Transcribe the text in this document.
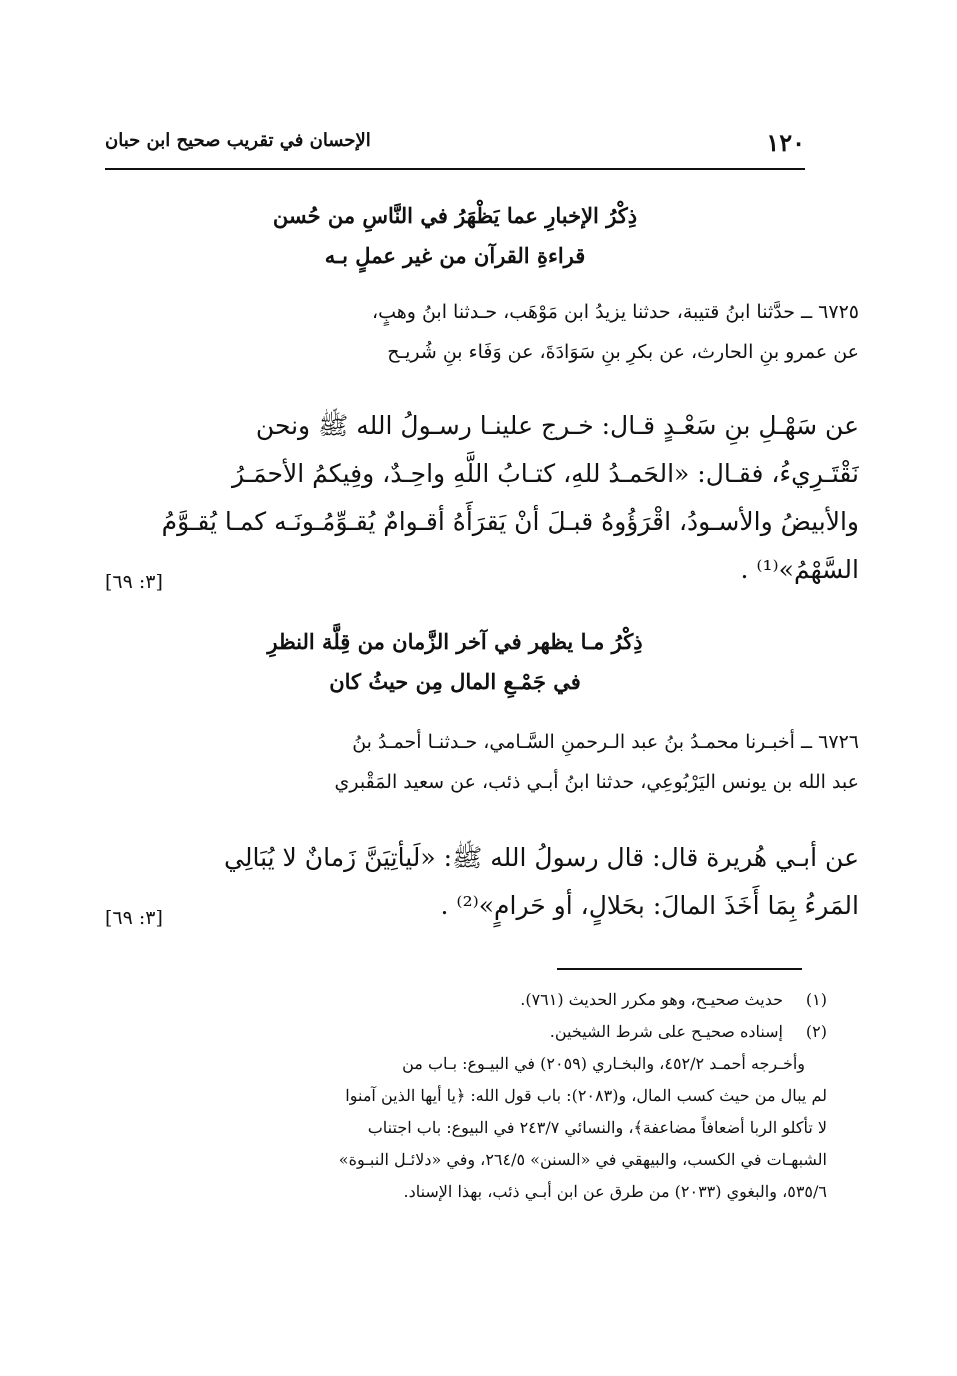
١٢٠
الإحسان في تقريب صحيح ابن حبان
ذِكْرُ الإخبارِ عما يَظْهَرُ في النَّاسِ من حُسن
قراءةِ القرآن من غير عملٍ بـه
٦٧٢٥ ــ حدَّثنا ابنُ قتيبة، حدثنا يزيدُ ابن مَوْهَب، حـدثنا ابنُ وهبٍ،
عن عمرو بنِ الحارث، عن بكرِ بنِ سَوَادَةَ، عن وَفَاء بنِ شُريـح
عن سَهْـلِ بنِ سَعْـدٍ قـال: خـرج علينـا رسـولُ الله ﷺ ونحن
نَقْتَـرِيءُ، فقـال: «الحَمـدُ للهِ، كتـابُ اللَّهِ واحِـدٌ، وفِيكمُ الأحمَـرُ
والأبيضُ والأسـودُ، اقْرَؤُوهُ قبـلَ أنْ يَقرَأَهُ أقـوامٌ يُقـوِّمُـونَـه كمـا يُقـوَّمُ
السَّهْمُ»⁽¹⁾ .
[٣: ٦٩]
ذِكْرُ مـا يظهر في آخر الزَّمان من قِلَّة النظرِ
في جَمْـعِ المال مِن حيثُ كان
٦٧٢٦ ــ أخبـرنا محمـدُ بنُ عبد الـرحمنِ السَّـامي، حـدثنـا أحمـدُ بنُ
عبد الله بن يونس اليَرْبُوعِي، حدثنا ابنُ أبـي ذئب، عن سعيد المَقْبري
عن أبـي هُريرة قال: قال رسولُ الله ﷺ: «لَيأتِيَنَّ زَمانٌ لا يُبَالِي
المَرءُ بِمَا أَخَذَ المالَ: بحَلالٍ، أو حَرامٍ»⁽²⁾ .
[٣: ٦٩]
(١)حديث صحيـح، وهو مكرر الحديث (٧٦١).
(٢)إسناده صحيـح على شرط الشيخين.
وأخـرجه أحمـد ٤٥٢/٢، والبخـاري (٢٠٥٩) في البيـوع: بـاب من
لم يبال من حيث كسب المال، و(٢٠٨٣): باب قول الله: ﴿يا أيها الذين آمنوا
لا تأكلو الربا أضعافاً مضاعفة﴾، والنسائي ٢٤٣/٧ في البيوع: باب اجتناب
الشبهـات في الكسب، والبيهقي في «السنن» ٢٦٤/٥، وفي «دلائـل النبـوة»
٥٣٥/٦، والبغوي (٢٠٣٣) من طرق عن ابن أبـي ذئب، بهذا الإسناد.
